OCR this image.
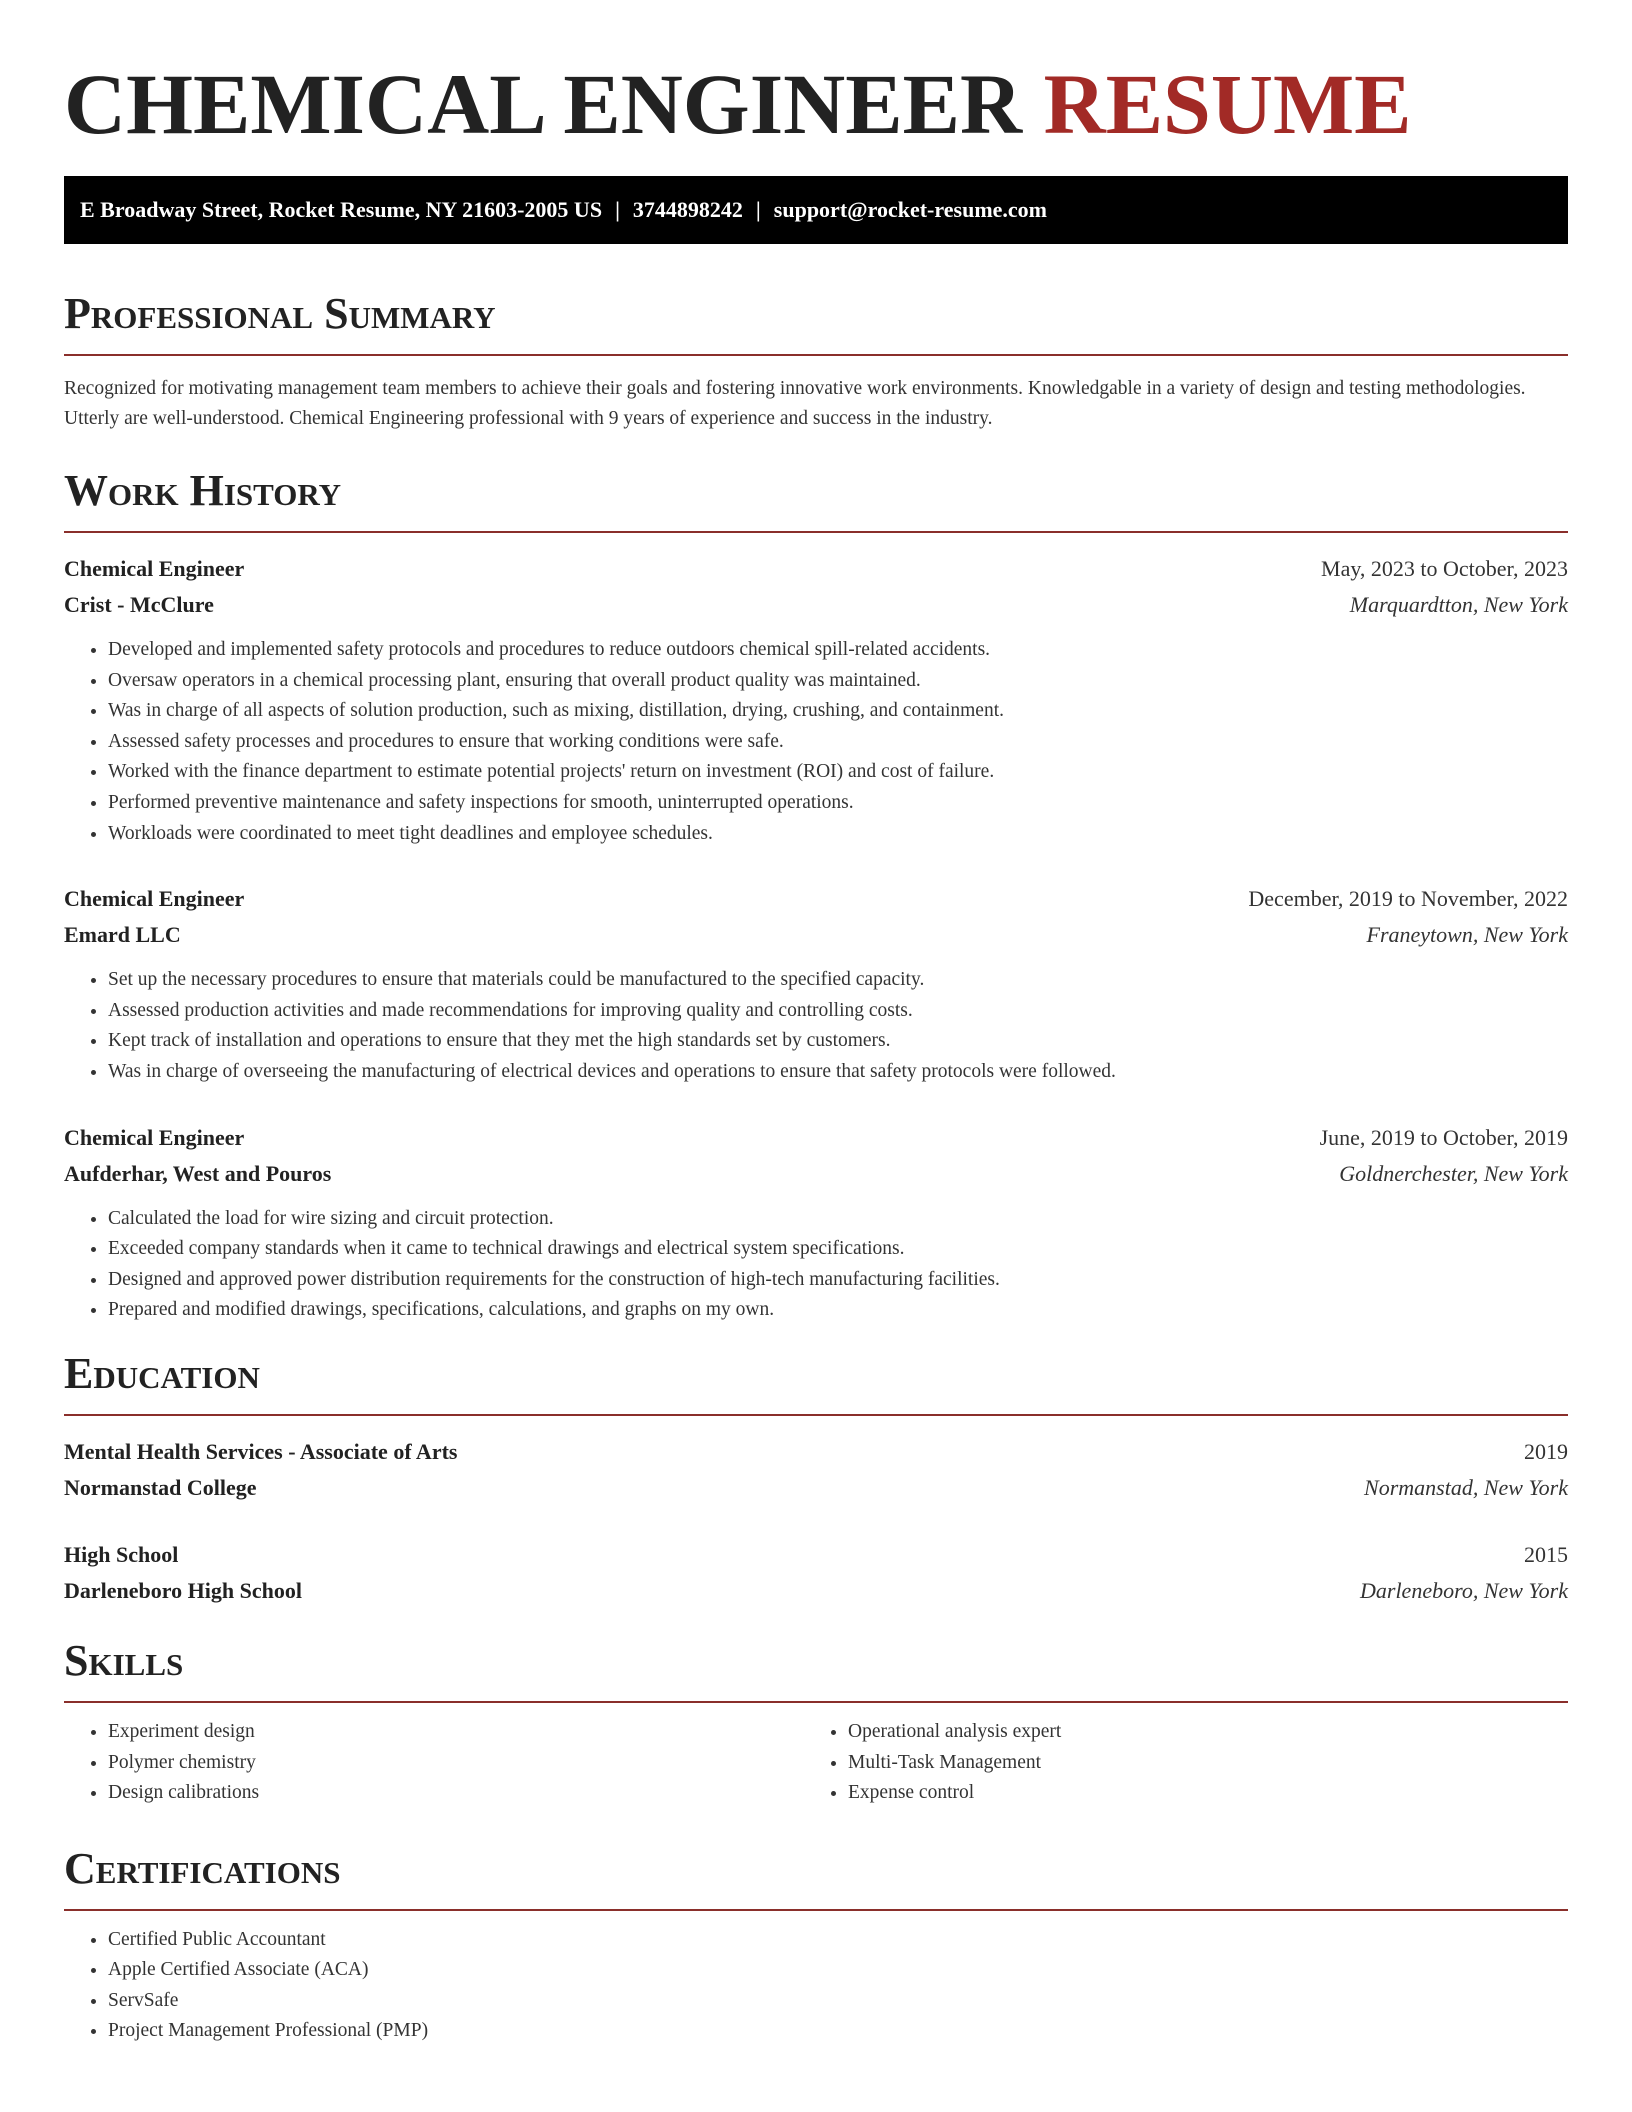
CHEMICAL ENGINEER RESUME
E Broadway Street, Rocket Resume, NY 21603-2005 US | 3744898242 | support@rocket-resume.com
Professional Summary

Recognized for motivating management team members to achieve their goals and fostering innovative work environments. Knowledgable in a variety of design and testing methodologies. Utterly are well-understood. Chemical Engineering professional with 9 years of experience and success in the industry.

Work History
Chemical Engineer	May, 2023 to October, 2023
Crist - McClure	Marquardtton, New York
• Developed and implemented safety protocols and procedures to reduce outdoors chemical spill-related accidents.
• Oversaw operators in a chemical processing plant, ensuring that overall product quality was maintained.
• Was in charge of all aspects of solution production, such as mixing, distillation, drying, crushing, and containment.
• Assessed safety processes and procedures to ensure that working conditions were safe.
• Worked with the finance department to estimate potential projects' return on investment (ROI) and cost of failure.
• Performed preventive maintenance and safety inspections for smooth, uninterrupted operations.
• Workloads were coordinated to meet tight deadlines and employee schedules.
Chemical Engineer	December, 2019 to November, 2022
Emard LLC	Franeytown, New York
• Set up the necessary procedures to ensure that materials could be manufactured to the specified capacity.
• Assessed production activities and made recommendations for improving quality and controlling costs.
• Kept track of installation and operations to ensure that they met the high standards set by customers.
• Was in charge of overseeing the manufacturing of electrical devices and operations to ensure that safety protocols were followed.
Chemical Engineer	June, 2019 to October, 2019
Aufderhar, West and Pouros	Goldnerchester, New York
• Calculated the load for wire sizing and circuit protection.
• Exceeded company standards when it came to technical drawings and electrical system specifications.
• Designed and approved power distribution requirements for the construction of high-tech manufacturing facilities.
• Prepared and modified drawings, specifications, calculations, and graphs on my own.
Education
Mental Health Services - Associate of Arts	2019
Normanstad College	Normanstad, New York
High School	2015
Darleneboro High School	Darleneboro, New York
Skills
• Experiment design
• Polymer chemistry
• Design calibrations
• Operational analysis expert
• Multi-Task Management
• Expense control
Certifications
• Certified Public Accountant
• Apple Certified Associate (ACA)
• ServSafe
• Project Management Professional (PMP)
